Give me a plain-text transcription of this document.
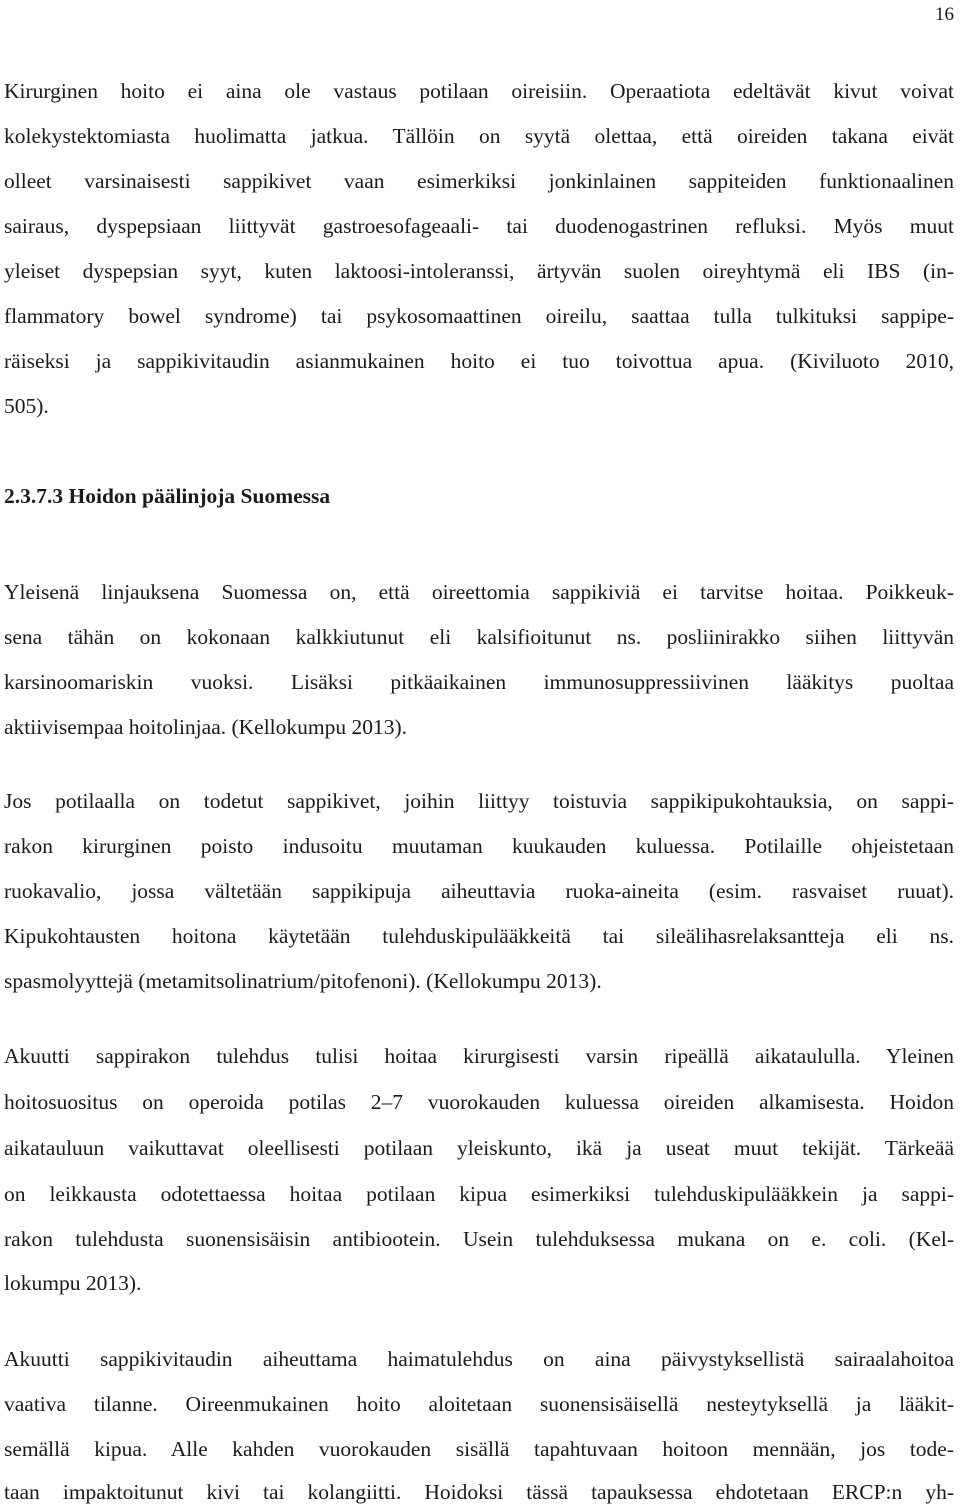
16
Kirurginen hoito ei aina ole vastaus potilaan oireisiin. Operaatiota edeltävät kivut voivat
kolekystektomiasta huolimatta jatkua. Tällöin on syytä olettaa, että oireiden takana eivät
olleet varsinaisesti sappikivet vaan esimerkiksi jonkinlainen sappiteiden funktionaalinen
sairaus, dyspepsiaan liittyvät gastroesofageaali- tai duodenogastrinen refluksi. Myös muut
yleiset dyspepsian syyt, kuten laktoosi-intoleranssi, ärtyvän suolen oireyhtymä eli IBS (in-
flammatory bowel syndrome) tai psykosomaattinen oireilu, saattaa tulla tulkituksi sappipe-
räiseksi ja sappikivitaudin asianmukainen hoito ei tuo toivottua apua. (Kiviluoto 2010,
505).
2.3.7.3 Hoidon päälinjoja Suomessa
Yleisenä linjauksena Suomessa on, että oireettomia sappikiviä ei tarvitse hoitaa. Poikkeuk-
sena tähän on kokonaan kalkkiutunut eli kalsifioitunut ns. posliinirakko siihen liittyvän
karsinoomariskin vuoksi. Lisäksi pitkäaikainen immunosuppressiivinen lääkitys puoltaa
aktiivisempaa hoitolinjaa. (Kellokumpu 2013).
Jos potilaalla on todetut sappikivet, joihin liittyy toistuvia sappikipukohtauksia, on sappi-
rakon kirurginen poisto indusoitu muutaman kuukauden kuluessa. Potilaille ohjeistetaan
ruokavalio, jossa vältetään sappikipuja aiheuttavia ruoka-aineita (esim. rasvaiset ruuat).
Kipukohtausten hoitona käytetään tulehduskipulääkkeitä tai sileälihasrelaksantteja eli ns.
spasmolyyttejä (metamitsolinatrium/pitofenoni). (Kellokumpu 2013).
Akuutti sappirakon tulehdus tulisi hoitaa kirurgisesti varsin ripeällä aikataululla. Yleinen
hoitosuositus on operoida potilas 2–7 vuorokauden kuluessa oireiden alkamisesta. Hoidon
aikatauluun vaikuttavat oleellisesti potilaan yleiskunto, ikä ja useat muut tekijät. Tärkeää
on leikkausta odotettaessa hoitaa potilaan kipua esimerkiksi tulehduskipulääkkein ja sappi-
rakon tulehdusta suonensisäisin antibiootein. Usein tulehduksessa mukana on e. coli. (Kel-
lokumpu 2013).
Akuutti sappikivitaudin aiheuttama haimatulehdus on aina päivystyksellistä sairaalahoitoa
vaativa tilanne. Oireenmukainen hoito aloitetaan suonensisäisellä nesteytyksellä ja lääkit-
semällä kipua. Alle kahden vuorokauden sisällä tapahtuvaan hoitoon mennään, jos tode-
taan impaktoitunut kivi tai kolangiitti. Hoidoksi tässä tapauksessa ehdotetaan ERCP:n yh-
